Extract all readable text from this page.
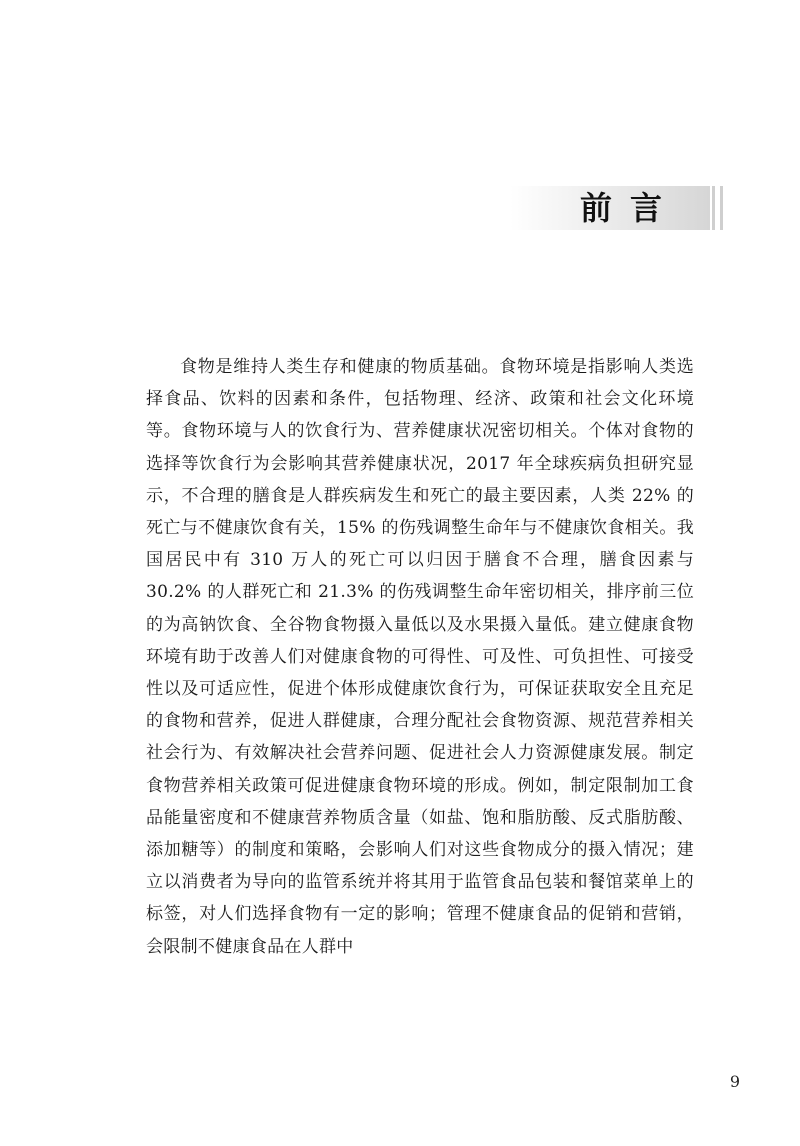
前言

食物是维持人类生存和健康的物质基础。食物环境是指影响人类选择食品、饮料的因素和条件，包括物理、经济、政策和社会文化环境等。食物环境与人的饮食行为、营养健康状况密切相关。个体对食物的选择等饮食行为会影响其营养健康状况，2017 年全球疾病负担研究显示，不合理的膳食是人群疾病发生和死亡的最主要因素，人类 22% 的死亡与不健康饮食有关，15% 的伤残调整生命年与不健康饮食相关。我国居民中有 310 万人的死亡可以归因于膳食不合理，膳食因素与 30.2% 的人群死亡和 21.3% 的伤残调整生命年密切相关，排序前三位的为高钠饮食、全谷物食物摄入量低以及水果摄入量低。建立健康食物环境有助于改善人们对健康食物的可得性、可及性、可负担性、可接受性以及可适应性，促进个体形成健康饮食行为，可保证获取安全且充足的食物和营养，促进人群健康，合理分配社会食物资源、规范营养相关社会行为、有效解决社会营养问题、促进社会人力资源健康发展。制定食物营养相关政策可促进健康食物环境的形成。例如，制定限制加工食品能量密度和不健康营养物质含量（如盐、饱和脂肪酸、反式脂肪酸、添加糖等）的制度和策略，会影响人们对这些食物成分的摄入情况；建立以消费者为导向的监管系统并将其用于监管食品包装和餐馆菜单上的标签，对人们选择食物有一定的影响；管理不健康食品的促销和营销，会限制不健康食品在人群中

9
